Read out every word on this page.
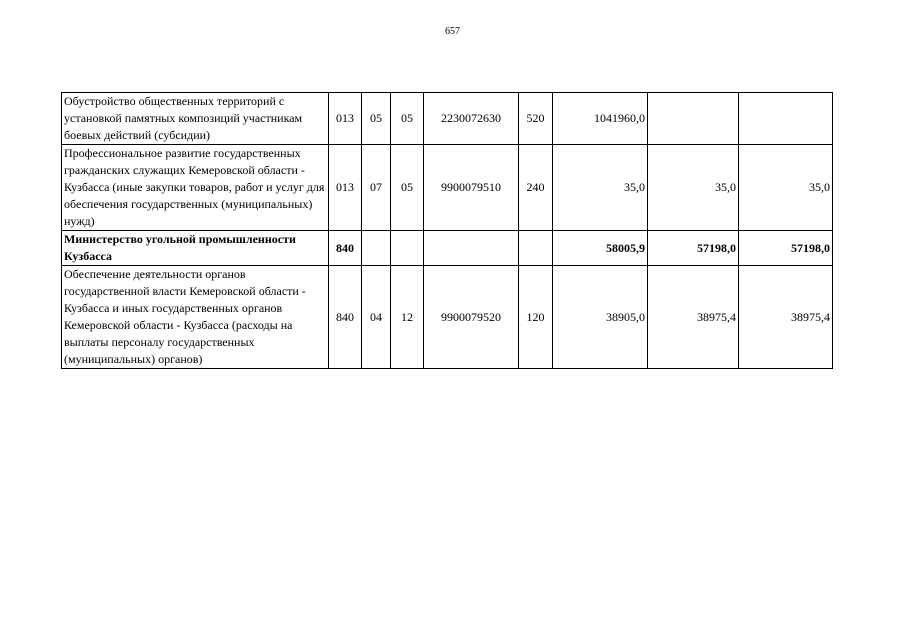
657
Обустройство общественных территорий с установкой памятных композиций участникам боевых действий (субсидии)	013	05	05	2230072630	520	1041960,0		
Профессиональное развитие государственных гражданских служащих Кемеровской области - Кузбасса (иные закупки товаров, работ и услуг для обеспечения государственных (муниципальных) нужд)	013	07	05	9900079510	240	35,0	35,0	35,0
Министерство угольной промышленности Кузбасса	840					58005,9	57198,0	57198,0
Обеспечение деятельности органов государственной власти Кемеровской области - Кузбасса и иных государственных органов Кемеровской области - Кузбасса (расходы на выплаты персоналу государственных (муниципальных) органов)	840	04	12	9900079520	120	38905,0	38975,4	38975,4
